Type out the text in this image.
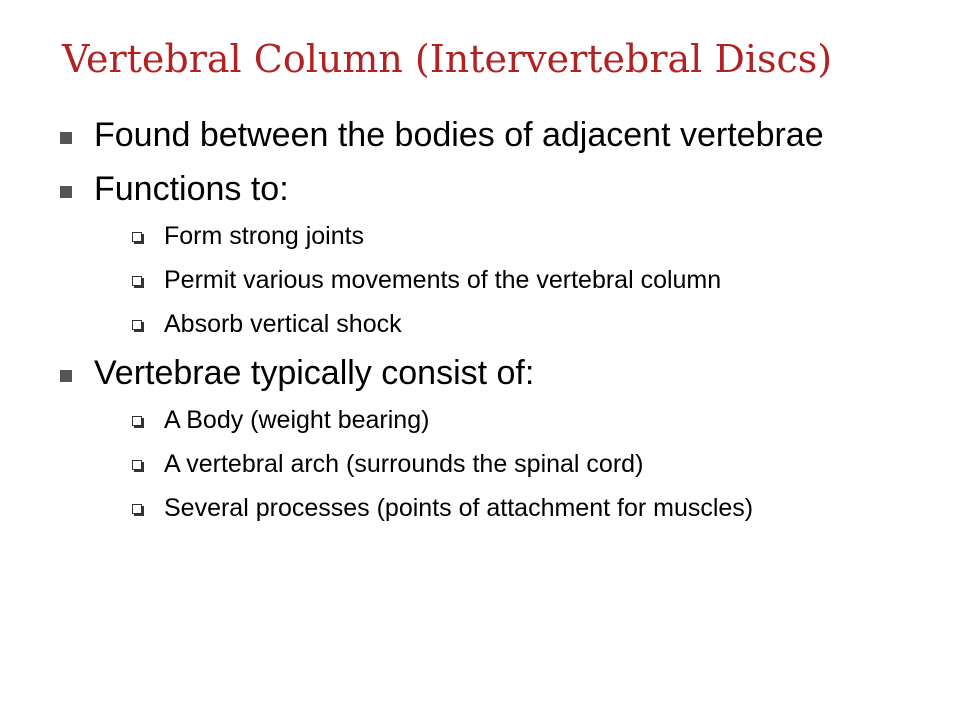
Vertebral Column (Intervertebral Discs)
Found between the bodies of adjacent vertebrae
Functions to:
Form strong joints
Permit various movements of the vertebral column
Absorb vertical shock
Vertebrae typically consist of:
A Body (weight bearing)
A vertebral arch (surrounds the spinal cord)
Several processes (points of attachment for muscles)
